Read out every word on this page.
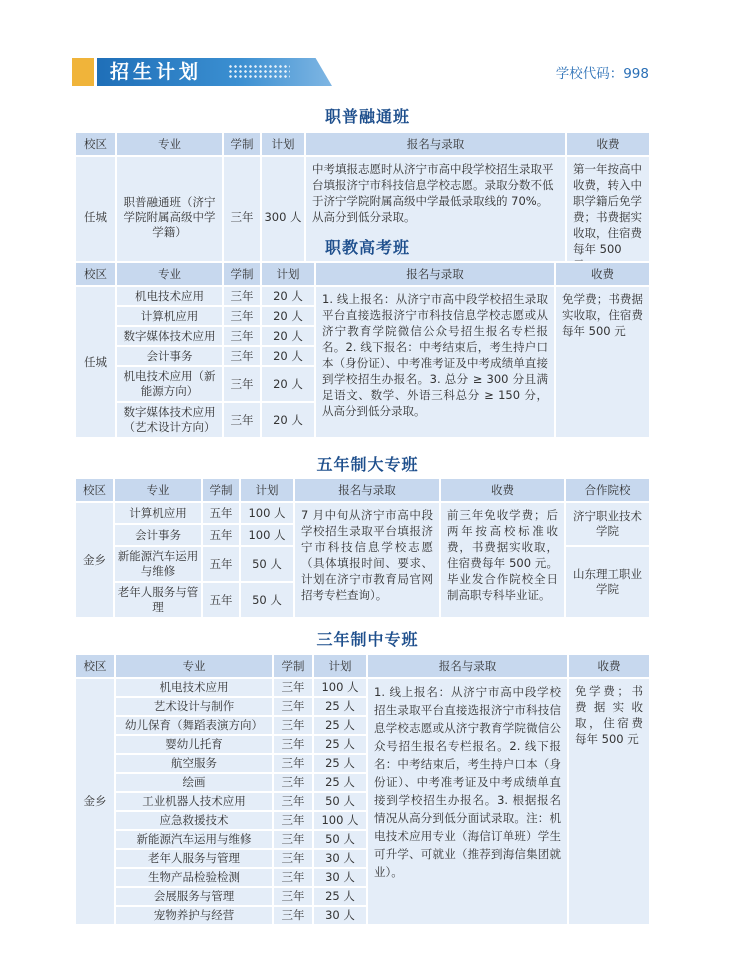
招生计划	学校代码：998
职普融通班
校区	专业	学制	计划	报名与录取	收费
任城	职普融通班（济宁学院附属高级中学学籍）	三年	300 人	中考填报志愿时从济宁市高中段学校招生录取平台填报济宁市科技信息学校志愿。录取分数不低于济宁学院附属高级中学最低录取线的 70%。从高分到低分录取。	第一年按高中收费，转入中职学籍后免学费；书费据实收取，住宿费每年 500
职教高考班
校区	专业	学制	计划	报名与录取	收费
任城	机电技术应用	三年	20 人	1. 线上报名：从济宁市高中段学校招生录取平台直接选报济宁市科技信息学校志愿或从济宁教育学院微信公众号招生报名专栏报名。2. 线下报名：中考结束后，考生持户口本（身份证）、中考准考证及中考成绩单直接到学校招生办报名。3. 总分 ≥ 300 分且满足语文、数学、外语三科总分 ≥ 150 分，从高分到低分录取。	免学费；书费据实收取，住宿费每年 500 元
	计算机应用	三年	20 人		
	数字媒体技术应用	三年	20 人		
	会计事务	三年	20 人		
	机电技术应用（新能源方向）	三年	20 人		
	数字媒体技术应用（艺术设计方向）	三年	20 人		
五年制大专班
校区	专业	学制	计划	报名与录取	收费	合作院校
金乡	计算机应用	五年	100 人	7 月中旬从济宁市高中段学校招生录取平台填报济宁市科技信息学校志愿（具体填报时间、要求、计划在济宁市教育局官网招考专栏查询）。	前三年免收学费；后两年按高校标准收费，书费据实收取，住宿费每年 500 元。毕业发合作院校全日制高职专科毕业证。	济宁职业技术学院
	会计事务	五年	100 人			
	新能源汽车运用与维修	五年	50 人			山东理工职业学院
	老年人服务与管理	五年	50 人			
三年制中专班
校区	专业	学制	计划	报名与录取	收费
金乡	机电技术应用	三年	100 人	1. 线上报名：从济宁市高中段学校招生录取平台直接选报济宁市科技信息学校志愿或从济宁教育学院微信公众号招生报名专栏报名。2. 线下报名：中考结束后，考生持户口本（身份证）、中考准考证及中考成绩单直接到学校招生办报名。3. 根据报名情况从高分到低分面试录取。注：机电技术应用专业（海信订单班）学生可升学、可就业（推荐到海信集团就业）。	免学费；书费据实收取，住宿费每年 500 元
	艺术设计与制作	三年	25 人		
	幼儿保育（舞蹈表演方向）	三年	25 人		
	婴幼儿托育	三年	25 人		
	航空服务	三年	25 人		
	绘画	三年	25 人		
	工业机器人技术应用	三年	50 人		
	应急救援技术	三年	100 人		
	新能源汽车运用与维修	三年	50 人		
	老年人服务与管理	三年	30 人		
	生物产品检验检测	三年	30 人		
	会展服务与管理	三年	25 人		
	宠物养护与经营	三年	30 人		
